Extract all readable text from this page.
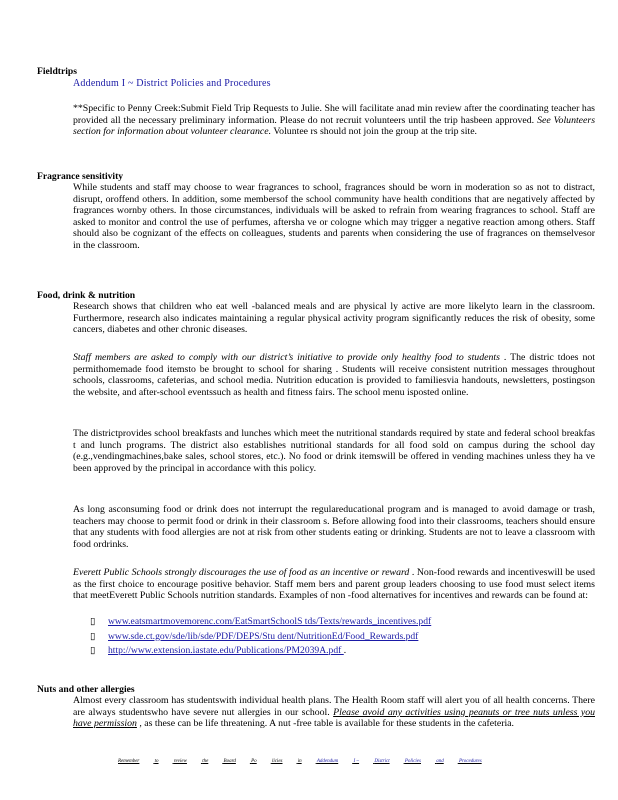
Fieldtrips
Addendum I ~ District Policies and Procedures
**Specific to Penny Creek:Submit Field Trip Requests to Julie. She will facilitate anad min review after the coordinating teacher has provided all the necessary preliminary information. Please do not recruit volunteers until the trip hasbeen approved. See Volunteers section for information about volunteer clearance. Voluntee rs should not join the group at the trip site.
Fragrance sensitivity
While students and staff may choose to wear fragrances to school, fragrances should be worn in moderation so as not to distract, disrupt, oroffend others. In addition, some membersof the school community have health conditions that are negatively affected by fragrances wornby others. In those circumstances, individuals will be asked to refrain from wearing fragrances to school. Staff are asked to monitor and control the use of perfumes, aftersha ve or cologne which may trigger a negative reaction among others. Staff should also be cognizant of the effects on colleagues, students and parents when considering the use of fragrances on themselvesor in the classroom.
Food, drink & nutrition
Research shows that children who eat well -balanced meals and are physical ly active are more likelyto learn in the classroom. Furthermore, research also indicates maintaining a regular physical activity program significantly reduces the risk of obesity, some cancers, diabetes and other chronic diseases.
Staff members are asked to comply with our district’s initiative to provide only healthy food to students . The distric tdoes not permithomemade food itemsto be brought to school for sharing . Students will receive consistent nutrition messages throughout schools, classrooms, cafeterias, and school media. Nutrition education is provided to familiesvia handouts, newsletters, postingson the website, and after-school eventssuch as health and fitness fairs. The school menu isposted online.
The districtprovides school breakfasts and lunches which meet the nutritional standards required by state and federal school breakfas t and lunch programs. The district also establishes nutritional standards for all food sold on campus during the school day (e.g.,vendingmachines,bake sales, school stores, etc.). No food or drink itemswill be offered in vending machines unless they ha ve been approved by the principal in accordance with this policy.
As long asconsuming food or drink does not interrupt the regulareducational program and is managed to avoid damage or trash, teachers may choose to permit food or drink in their classroom s. Before allowing food into their classrooms, teachers should ensure that any students with food allergies are not at risk from other students eating or drinking. Students are not to leave a classroom with food ordrinks.
Everett Public Schools strongly discourages the use of food as an incentive or reward . Non-food rewards and incentiveswill be used as the first choice to encourage positive behavior. Staff mem bers and parent group leaders choosing to use food must select items that meetEverett Public Schools nutrition standards. Examples of non -food alternatives for incentives and rewards can be found at:
▯ www.eatsmartmovemorenc.com/EatSmartSchoolS tds/Texts/rewards_incentives.pdf
▯ www.sde.ct.gov/sde/lib/sde/PDF/DEPS/Stu dent/NutritionEd/Food_Rewards.pdf
▯ http://www.extension.iastate.edu/Publications/PM2039A.pdf .
Nuts and other allergies
Almost every classroom has studentswith individual health plans. The Health Room staff will alert you of all health concerns. There are always studentswho have severe nut allergies in our school. Please avoid any activities using peanuts or tree nuts unless you have permission , as these can be life threatening. A nut -free table is available for these students in the cafeteria.
Remember	to	review	the	Board	Po	licies	in	Addendum	I ~	District	Policies	and	Procedures
